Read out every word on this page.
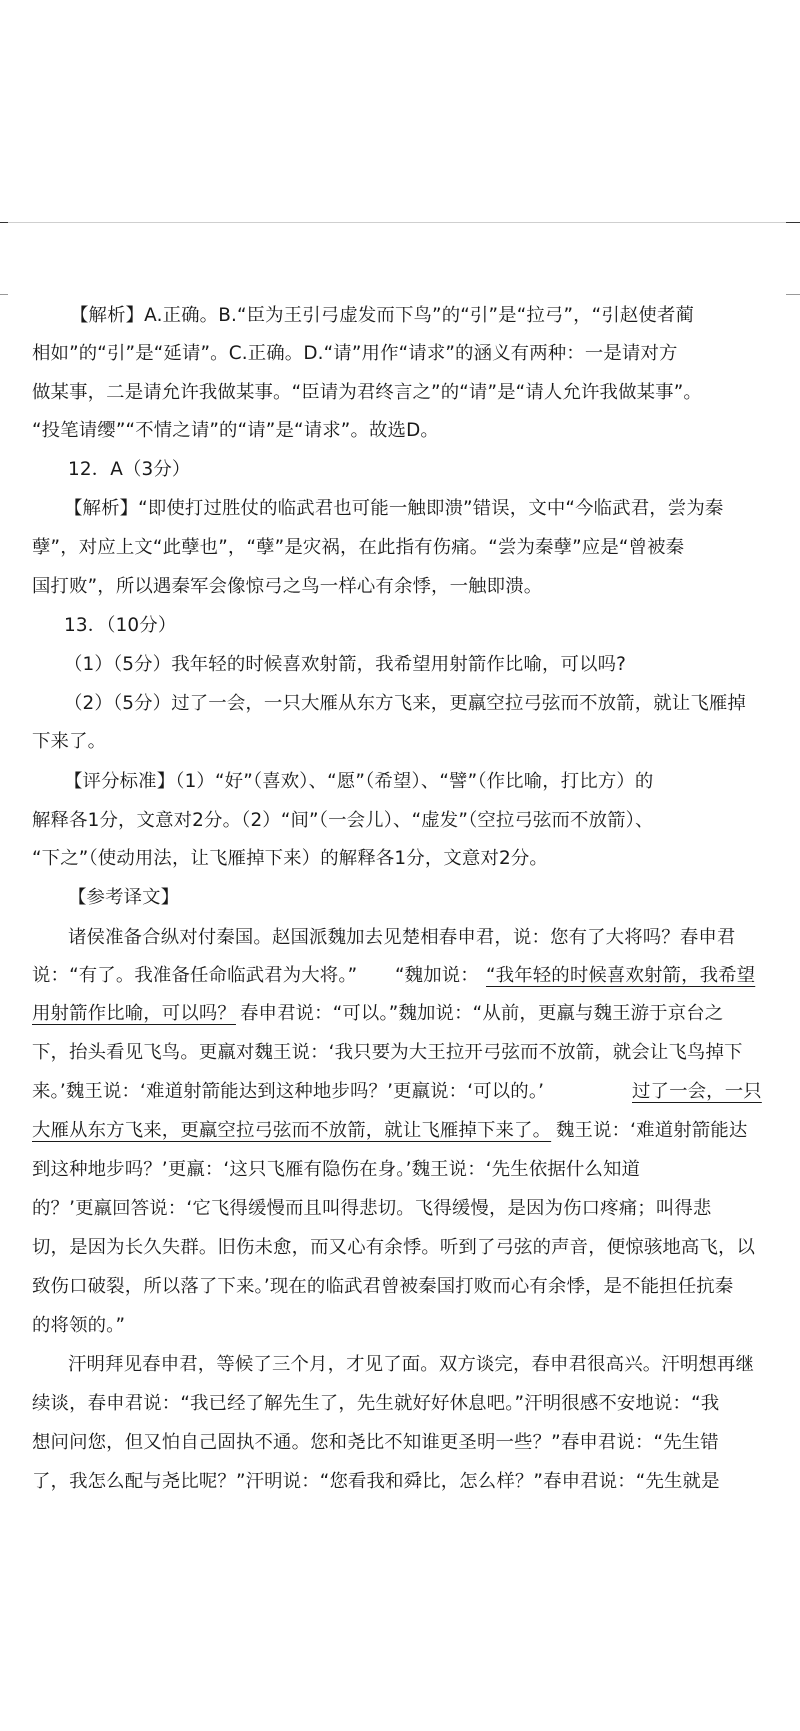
【解析】A.正确。B.“臣为王引弓虚发而下鸟”的“引”是“拉弓”，“引赵使者蔺
相如”的“引”是“延请”。C.正确。D.“请”用作“请求”的涵义有两种：一是请对方
做某事，二是请允许我做某事。“臣请为君终言之”的“请”是“请人允许我做某事”。
“投笔请缨”“不情之请”的“请”是“请求”。故选D。
12．A（3分）
【解析】“即使打过胜仗的临武君也可能一触即溃”错误，文中“今临武君，尝为秦
孽”，对应上文“此孽也”，“孽”是灾祸，在此指有伤痛。“尝为秦孽”应是“曾被秦
国打败”，所以遇秦军会像惊弓之鸟一样心有余悸，一触即溃。
13．（10分）
（1）（5分）我年轻的时候喜欢射箭，我希望用射箭作比喻，可以吗?
（2）（5分）过了一会，一只大雁从东方飞来，更羸空拉弓弦而不放箭，就让飞雁掉
下来了。
【评分标准】（1）“好”（喜欢）、“愿”（希望）、“譬”（作比喻，打比方）的
解释各1分，文意对2分。（2）“间”（一会儿）、“虚发”（空拉弓弦而不放箭）、
“下之”（使动用法，让飞雁掉下来）的解释各1分，文意对2分。
【参考译文】
诸侯准备合纵对付秦国。赵国派魏加去见楚相春申君，说：您有了大将吗？春申君
说：“有了。我准备任命临武君为大将。” “魏加说： “我年轻的时候喜欢射箭，我希望
用射箭作比喻，可以吗？ 春申君说：“可以。”魏加说：“从前，更羸与魏王游于京台之
下，抬头看见飞鸟。更羸对魏王说：‘我只要为大王拉开弓弦而不放箭，就会让飞鸟掉下
来。’魏王说：‘难道射箭能达到这种地步吗？’更羸说：‘可以的。’	过了一会，一只
大雁从东方飞来，更羸空拉弓弦而不放箭，就让飞雁掉下来了。 魏王说：‘难道射箭能达
到这种地步吗？’更羸：‘这只飞雁有隐伤在身。’魏王说：‘先生依据什么知道
的？’更羸回答说：‘它飞得缓慢而且叫得悲切。飞得缓慢，是因为伤口疼痛；叫得悲
切，是因为长久失群。旧伤未愈，而又心有余悸。听到了弓弦的声音，便惊骇地高飞，以
致伤口破裂，所以落了下来。’现在的临武君曾被秦国打败而心有余悸，是不能担任抗秦
的将领的。”
汗明拜见春申君，等候了三个月，才见了面。双方谈完，春申君很高兴。汗明想再继
续谈，春申君说：“我已经了解先生了，先生就好好休息吧。”汗明很感不安地说：“我
想问问您，但又怕自己固执不通。您和尧比不知谁更圣明一些？”春申君说：“先生错
了，我怎么配与尧比呢？”汗明说：“您看我和舜比，怎么样？”春申君说：“先生就是
